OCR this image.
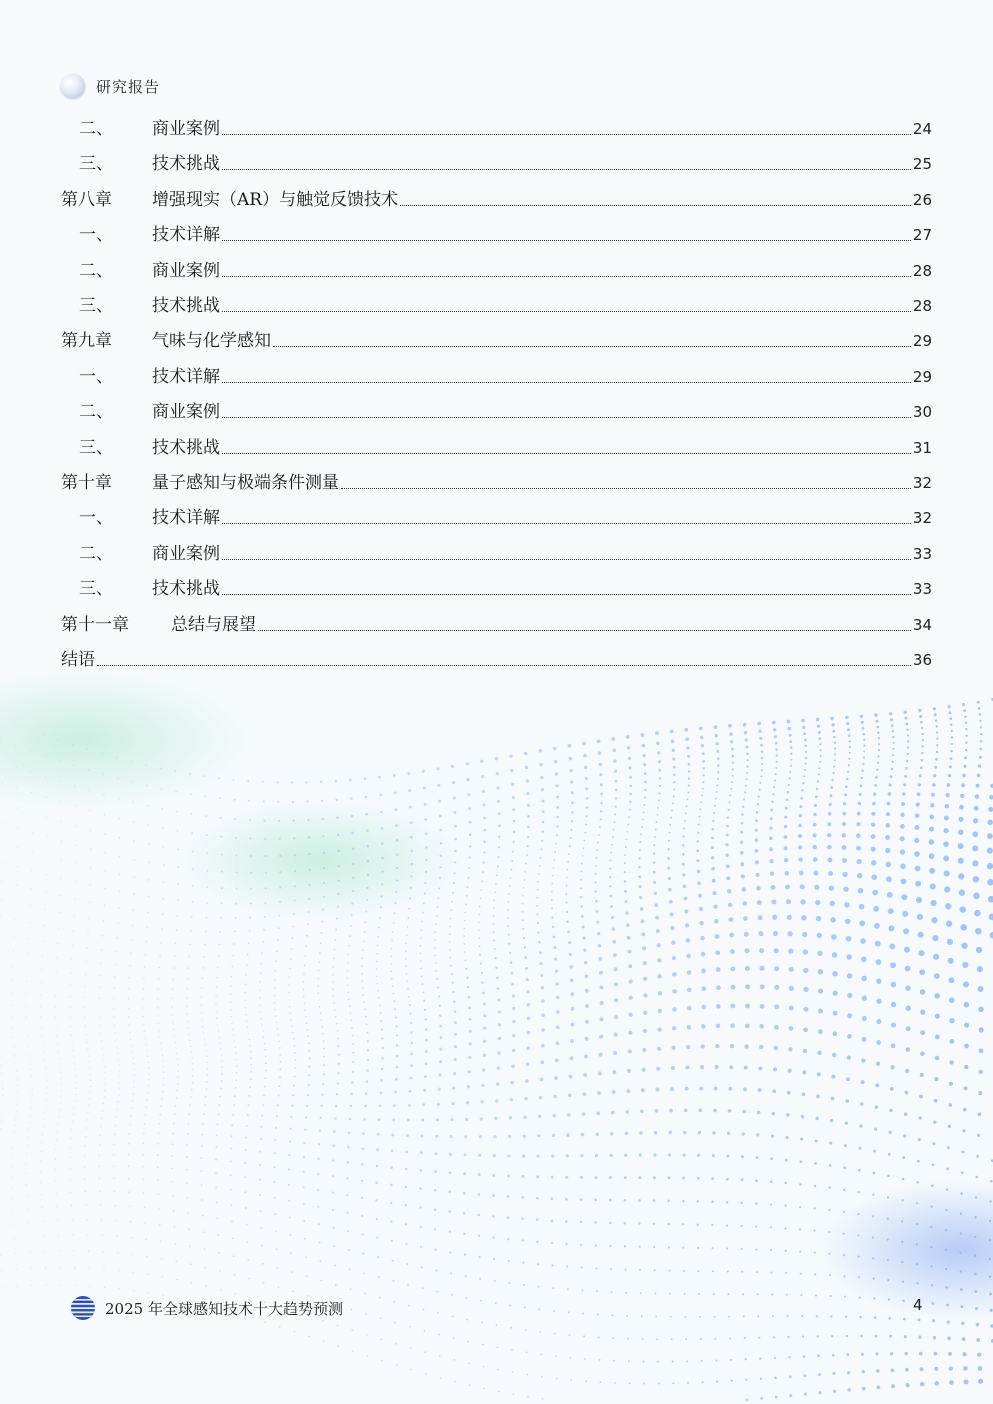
研究报告
二、	商业案例	24
三、	技术挑战	25
第八章	增强现实（AR）与触觉反馈技术	26
一、	技术详解	27
二、	商业案例	28
三、	技术挑战	28
第九章	气味与化学感知	29
一、	技术详解	29
二、	商业案例	30
三、	技术挑战	31
第十章	量子感知与极端条件测量	32
一、	技术详解	32
二、	商业案例	33
三、	技术挑战	33
第十一章	总结与展望	34
结语	36
2025 年全球感知技术十大趋势预测	4
